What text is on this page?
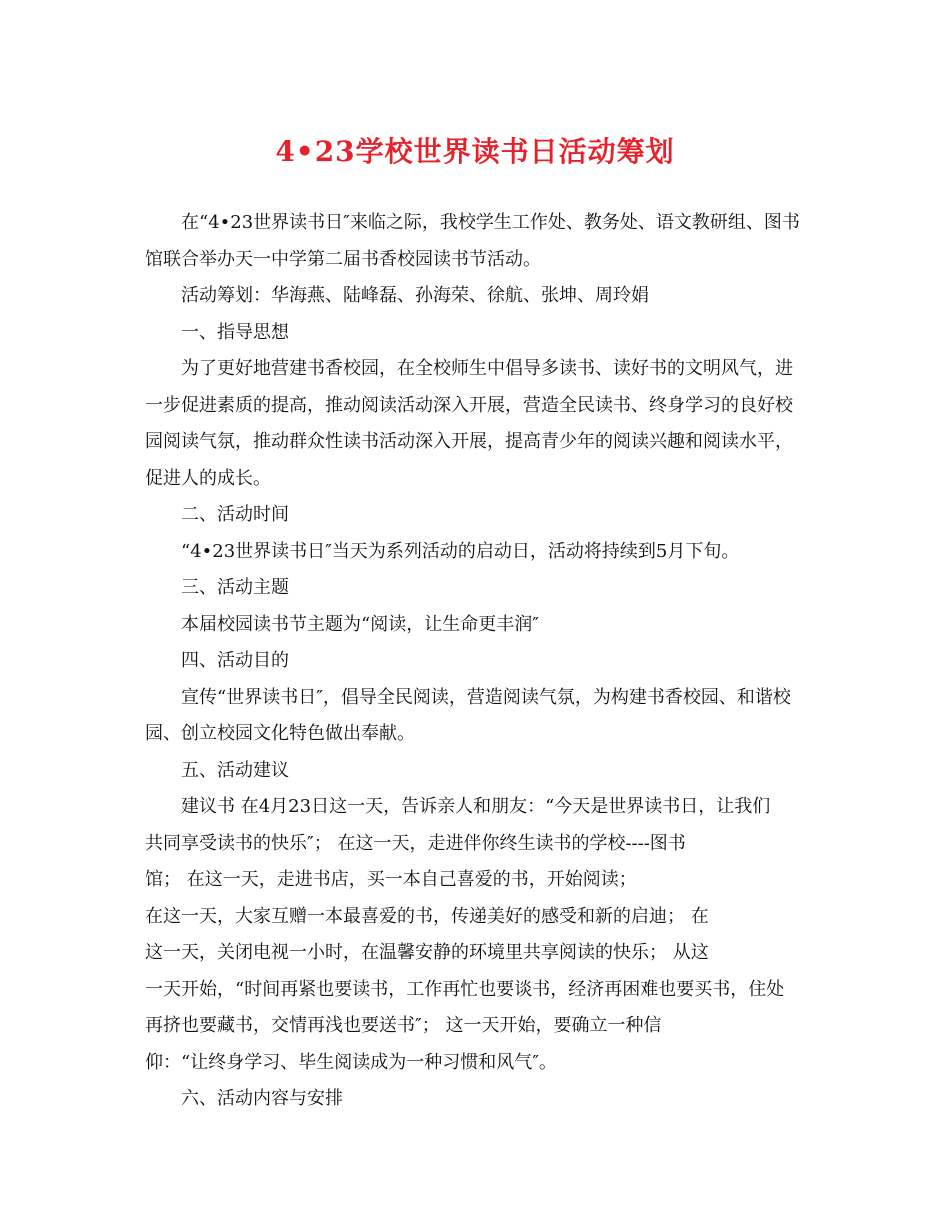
4•23学校世界读书日活动筹划

在“4•23世界读书日″来临之际，我校学生工作处、教务处、语文教研组、图书馆联合举办天一中学第二届书香校园读书节活动。

活动筹划：华海燕、陆峰磊、孙海荣、徐航、张坤、周玲娟

一、指导思想

为了更好地营建书香校园，在全校师生中倡导多读书、读好书的文明风气，进一步促进素质的提高，推动阅读活动深入开展，营造全民读书、终身学习的良好校园阅读气氛，推动群众性读书活动深入开展，提高青少年的阅读兴趣和阅读水平，促进人的成长。

二、活动时间

“4•23世界读书日″当天为系列活动的启动日，活动将持续到5月下旬。

三、活动主题

本届校园读书节主题为“阅读，让生命更丰润″

四、活动目的

宣传“世界读书日″，倡导全民阅读，营造阅读气氛，为构建书香校园、和谐校园、创立校园文化特色做出奉献。

五、活动建议

建议书 在4月23日这一天，告诉亲人和朋友：“今天是世界读书日，让我们
共同享受读书的快乐″； 在这一天，走进伴你终生读书的学校----图书
馆； 在这一天，走进书店，买一本自己喜爱的书，开始阅读；
在这一天，大家互赠一本最喜爱的书，传递美好的感受和新的启迪； 在
这一天，关闭电视一小时，在温馨安静的环境里共享阅读的快乐； 从这
一天开始，“时间再紧也要读书，工作再忙也要谈书，经济再困难也要买书，住处
再挤也要藏书，交情再浅也要送书″； 这一天开始，要确立一种信
仰：“让终身学习、毕生阅读成为一种习惯和风气″。

六、活动内容与安排
